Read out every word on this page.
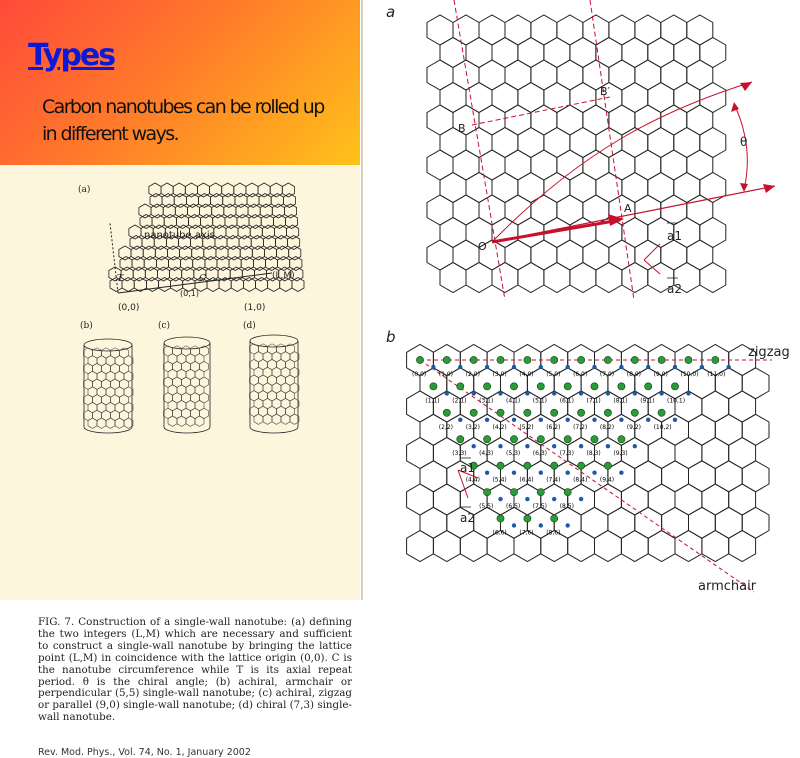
Types
Carbon nanotubes can be rolled up in different ways.
(a)
nanotube axis
T	C	(L,M)
(0,0)	(1,0)
(0,1)
(b)	(c)	(d)
FIG. 7. Construction of a single-wall nanotube: (a) defining the two integers (L,M) which are necessary and sufficient to construct a single-wall nanotube by bringing the lattice point (L,M) in coincidence with the lattice origin (0,0). C is the nanotube circumference while T is its axial repeat period. θ is the chiral angle; (b) achiral, armchair or perpendicular (5,5) single-wall nanotube; (c) achiral, zigzag or parallel (9,0) single-wall nanotube; (d) chiral (7,3) single-wall nanotube.
Rev. Mod. Phys., Vol. 74, No. 1, January 2002
a
O
A
B
B′
θ
a1
a2
(0,0) (1,0) (2,0) (3,0) (4,0) (5,0) (6,0) (7,0) (8,0) (9,0) (10,0) (11,0)
(1,1) (2,1) (3,1) (4,1) (5,1) (6,1) (7,1) (8,1) (9,1) (10,1)
(2,2) (3,2) (4,2) (5,2) (6,2) (7,2) (8,2) (9,2) (10,2)
(3,3) (4,3) (5,3) (6,3) (7,3) (8,3) (9,3)
(4,4) (5,4) (6,4) (7,4) (8,4) (9,4)
(5,5) (6,5) (7,5) (8,5)
(6,6) (7,6) (8,6)
b
zigzag
armchair
a1
a2
